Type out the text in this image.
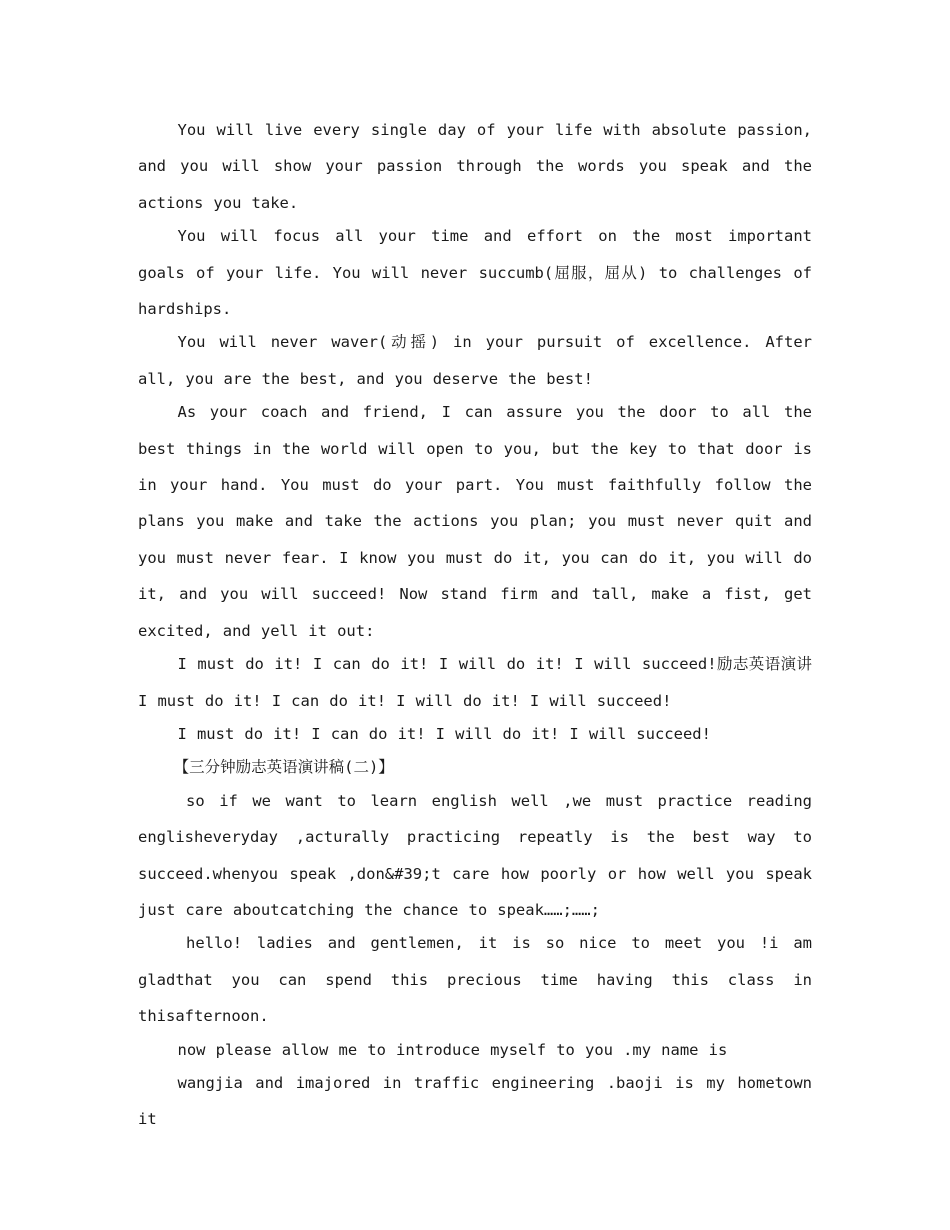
You will live every single day of your life with absolute passion, and you will show your passion through the words you speak and the actions you take.

You will focus all your time and effort on the most important goals of your life. You will never succumb(屈服，屈从) to challenges of hardships.

You will never waver(动摇) in your pursuit of excellence. After all, you are the best, and you deserve the best!

As your coach and friend, I can assure you the door to all the best things in the world will open to you, but the key to that door is in your hand. You must do your part. You must faithfully follow the plans you make and take the actions you plan; you must never quit and you must never fear. I know you must do it, you can do it, you will do it, and you will succeed! Now stand firm and tall, make a fist, get excited, and yell it out:

I must do it! I can do it! I will do it! I will succeed!励志英语演讲 I must do it! I can do it! I will do it! I will succeed!

I must do it! I can do it! I will do it! I will succeed!

【三分钟励志英语演讲稿(二)】

so if we want to learn english well ,we must practice reading englisheveryday ,acturally practicing repeatly is the best way to succeed.whenyou speak ,don&#39;t care how poorly or how well you speak just care aboutcatching the chance to speak……;……;

hello! ladies and gentlemen, it is so nice to meet you !i am gladthat you can spend this precious time having this class in thisafternoon.

now please allow me to introduce myself to you .my name is

wangjia and imajored in traffic engineering .baoji is my hometown it
